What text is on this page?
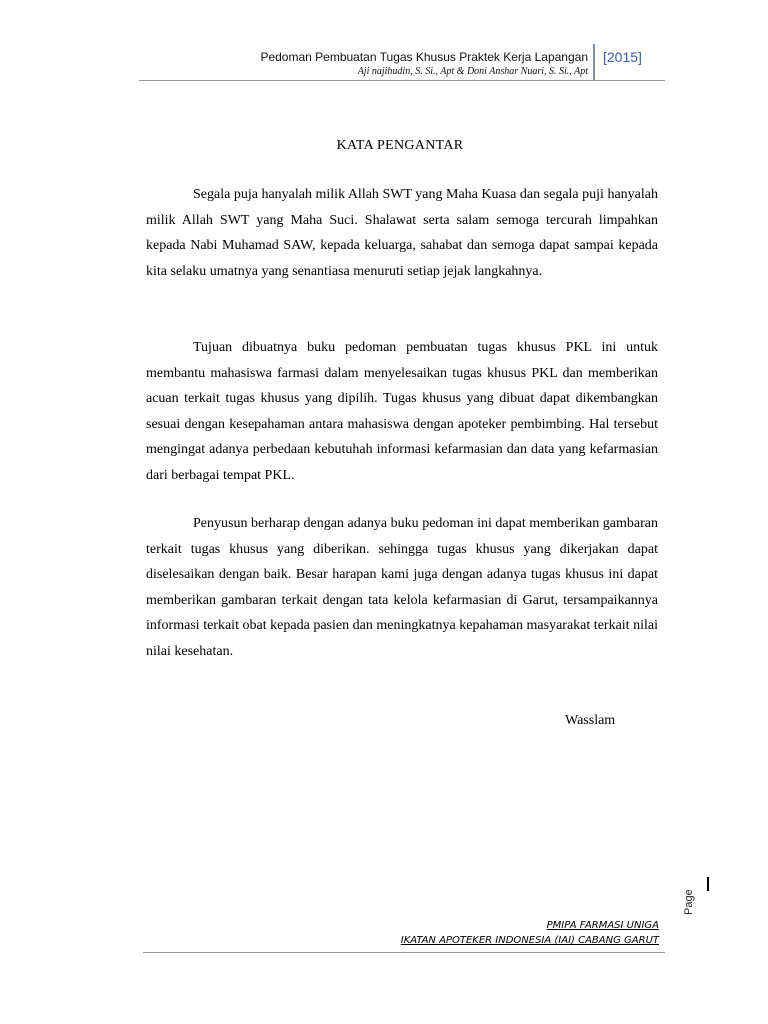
Pedoman Pembuatan Tugas Khusus Praktek Kerja Lapangan
Aji najihudin, S. Si., Apt & Doni Anshar Nuari, S. Si., Apt
[2015]
KATA PENGANTAR

Segala puja hanyalah milik Allah SWT yang Maha Kuasa dan segala puji hanyalah milik Allah SWT yang Maha Suci. Shalawat serta salam semoga tercurah limpahkan kepada Nabi Muhamad SAW, kepada keluarga, sahabat dan semoga dapat sampai kepada kita selaku umatnya yang senantiasa menuruti setiap jejak langkahnya.

Tujuan dibuatnya buku pedoman pembuatan tugas khusus PKL ini untuk membantu mahasiswa farmasi dalam menyelesaikan tugas khusus PKL dan memberikan acuan terkait tugas khusus yang dipilih. Tugas khusus yang dibuat dapat dikembangkan sesuai dengan kesepahaman antara mahasiswa dengan apoteker pembimbing. Hal tersebut mengingat adanya perbedaan kebutuhah informasi kefarmasian dan data yang kefarmasian dari berbagai tempat PKL.

Penyusun berharap dengan adanya buku pedoman ini dapat memberikan gambaran terkait tugas khusus yang diberikan. sehingga tugas khusus yang dikerjakan dapat diselesaikan dengan baik. Besar harapan kami juga dengan adanya tugas khusus ini dapat memberikan gambaran terkait dengan tata kelola kefarmasian di Garut, tersampaikannya informasi terkait obat kepada pasien dan meningkatnya kepahaman masyarakat terkait nilai nilai kesehatan.

Wasslam
Page
PMIPA FARMASI UNIGA
IKATAN APOTEKER INDONESIA (IAI) CABANG GARUT
